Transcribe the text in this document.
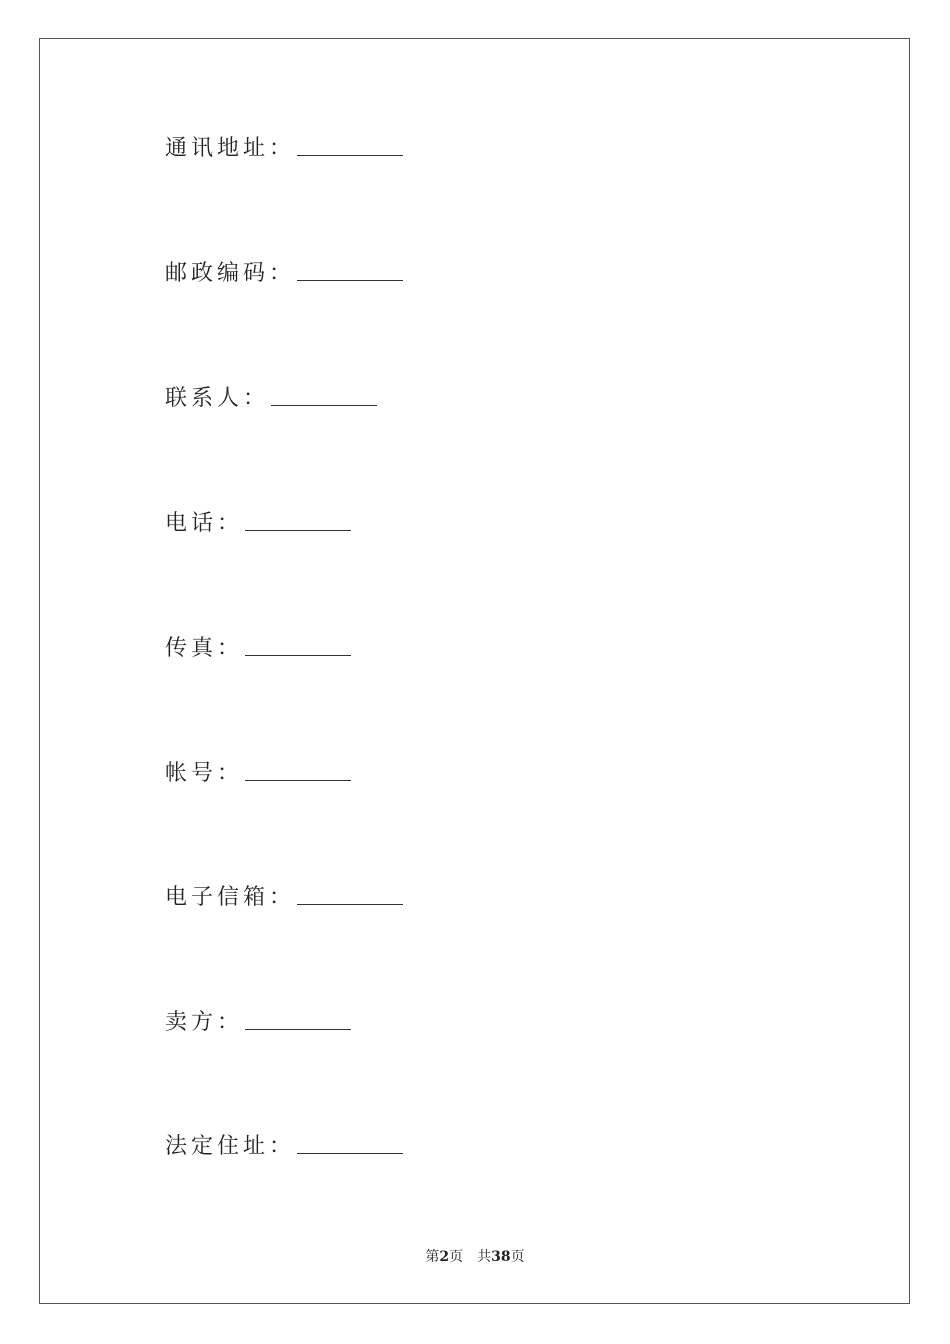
通讯地址：
邮政编码：
联系人：
电话：
传真：
帐号：
电子信箱：
卖方：
法定住址：
第2页 共38页
